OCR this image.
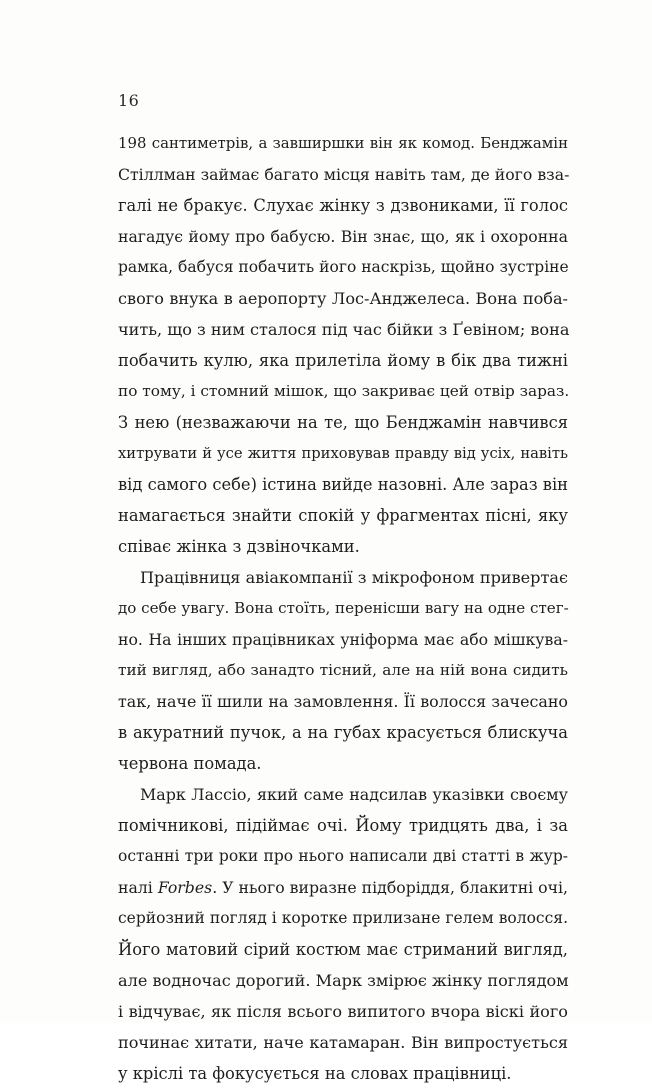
16
198 сантиметрів, а завширшки він як комод. Бенджамін
Стіллман займає багато місця навіть там, де його взa-
галі не бракує. Слухає жінку з дзвониками, її голос
нагадує йому про бабусю. Він знає, що, як і охоронна
рамка, бабуся побачить його наскрізь, щойно зустріне
свого внука в аеропорту Лос-Анджелеса. Вона поба-
чить, що з ним сталося під час бійки з Ґевіном; вона
побачить кулю, яка прилетіла йому в бік два тижні
по тому, і стомний мішок, що закриває цей отвір зараз.
З нею (незважаючи на те, що Бенджамін навчився
хитрувати й усе життя приховував правду від усіх, навіть
від самого себе) істина вийде назовні. Але зараз він
намагається знайти спокій у фрагментах пісні, яку
співає жінка з дзвіночками.
Працівниця авіакомпанії з мікрофоном привертає
до себе увагу. Вона стоїть, перенісши вагу на одне стег-
но. На інших працівниках уніформа має або мішкува-
тий вигляд, або занадто тісний, але на ній вона сидить
так, наче її шили на замовлення. Її волосся зачесано
в акуратний пучок, а на губах красується блискуча
червона помада.
Марк Лассіо, який саме надсилав указівки своєму
помічникові, підіймає очі. Йому тридцять два, і за
останні три роки про нього написали дві статті в жур-
налі Forbes. У нього виразне підборіддя, блакитні очі,
серйозний погляд і коротке прилизане гелем волосся.
Його матовий сірий костюм має стриманий вигляд,
але водночас дорогий. Марк змірює жінку поглядом
і відчуває, як після всього випитого вчора віскі його
починає хитати, наче катамаран. Він випростується
у кріслі та фокусується на словах працівниці.
